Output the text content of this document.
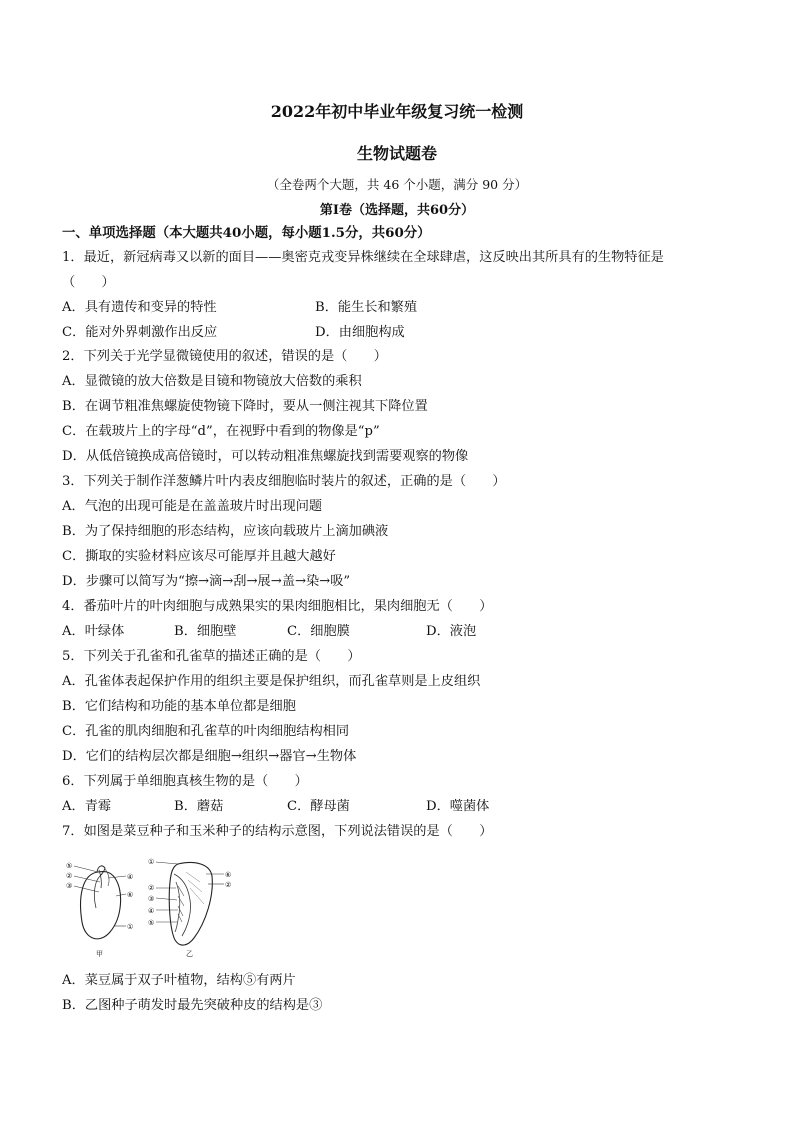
2022年初中毕业年级复习统一检测
生物试题卷
（全卷两个大题，共 46 个小题，满分 90 分）
第Ⅰ卷（选择题，共60分）
一、单项选择题（本大题共40小题，每小题1.5分，共60分）
1．最近，新冠病毒又以新的面目——奥密克戎变异株继续在全球肆虐，这反映出其所具有的生物特征是
（　　）
A．具有遗传和变异的特性	B．能生长和繁殖
C．能对外界刺激作出反应	D．由细胞构成
2．下列关于光学显微镜使用的叙述，错误的是（　　）
A．显微镜的放大倍数是目镜和物镜放大倍数的乘积
B．在调节粗准焦螺旋使物镜下降时，要从一侧注视其下降位置
C．在载玻片上的字母“d”，在视野中看到的物像是“p”
D．从低倍镜换成高倍镜时，可以转动粗准焦螺旋找到需要观察的物像
3．下列关于制作洋葱鳞片叶内表皮细胞临时装片的叙述，正确的是（　　）
A．气泡的出现可能是在盖盖玻片时出现问题
B．为了保持细胞的形态结构，应该向载玻片上滴加碘液
C．撕取的实验材料应该尽可能厚并且越大越好
D．步骤可以简写为“擦→滴→刮→展→盖→染→吸”
4．番茄叶片的叶肉细胞与成熟果实的果肉细胞相比，果肉细胞无（　　）
A．叶绿体	B．细胞壁	C．细胞膜	D．液泡
5．下列关于孔雀和孔雀草的描述正确的是（　　）
A．孔雀体表起保护作用的组织主要是保护组织，而孔雀草则是上皮组织
B．它们结构和功能的基本单位都是细胞
C．孔雀的肌肉细胞和孔雀草的叶肉细胞结构相同
D．它们的结构层次都是细胞→组织→器官→生物体
6．下列属于单细胞真核生物的是（　　）
A．青霉	B．蘑菇	C．酵母菌	D．噬菌体
7．如图是菜豆种子和玉米种子的结构示意图，下列说法错误的是（　　）
⑤
②
③
④
⑥
①
甲
①
②
③
④
⑤
⑥
②
乙
A．菜豆属于双子叶植物，结构⑤有两片
B．乙图种子萌发时最先突破种皮的结构是③
